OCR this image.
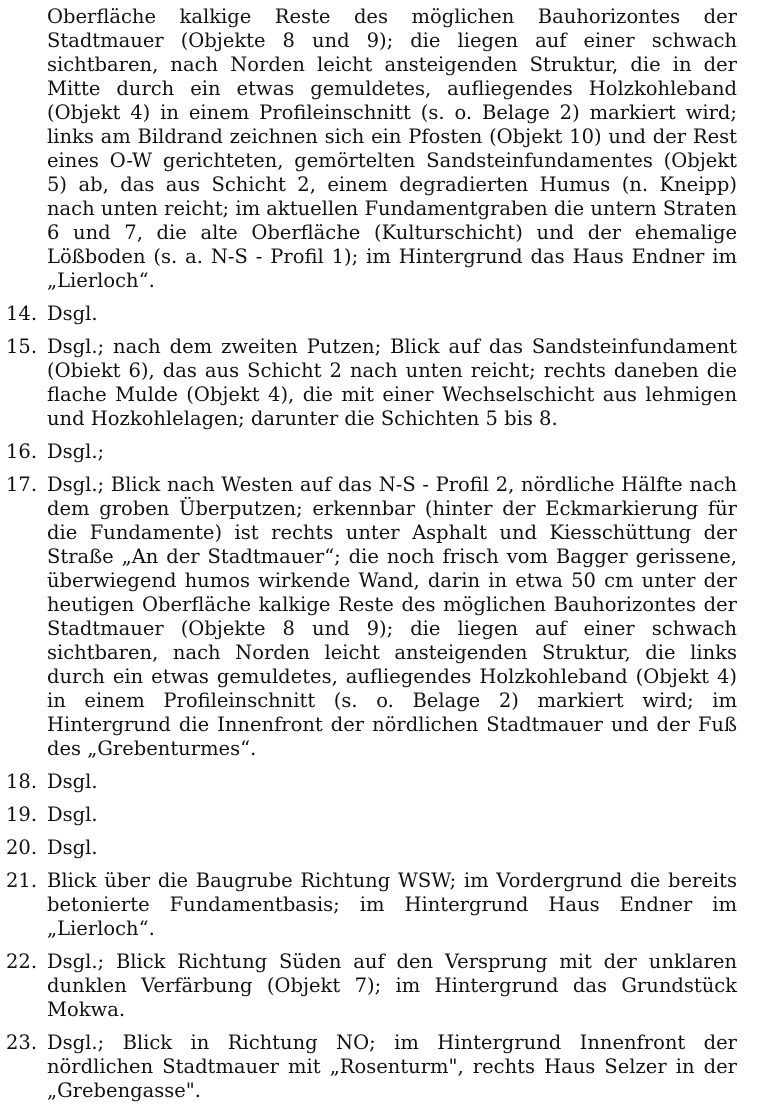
Oberfläche kalkige Reste des möglichen Bauhorizontes der Stadtmauer (Objekte 8 und 9); die liegen auf einer schwach sichtbaren, nach Norden leicht ansteigenden Struktur, die in der Mitte durch ein etwas gemuldetes, aufliegendes Holzkohleband (Objekt 4) in einem Profileinschnitt (s. o. Belage 2) markiert wird; links am Bildrand zeichnen sich ein Pfosten (Objekt 10) und der Rest eines O-W gerichteten, gemörtelten Sandsteinfundamentes (Objekt 5) ab, das aus Schicht 2, einem degradierten Humus (n. Kneipp) nach unten reicht; im aktuellen Fundamentgraben die untern Straten 6 und 7, die alte Oberfläche (Kulturschicht) und der ehemalige Lößboden (s. a. N-S - Profil 1); im Hintergrund das Haus Endner im „Lierloch“.
14. Dsgl.
15. Dsgl.; nach dem zweiten Putzen; Blick auf das Sandsteinfundament (Obiekt 6), das aus Schicht 2 nach unten reicht; rechts daneben die flache Mulde (Objekt 4), die mit einer Wechselschicht aus lehmigen und Hozkohlelagen; darunter die Schichten 5 bis 8.
16. Dsgl.;
17. Dsgl.; Blick nach Westen auf das N-S - Profil 2, nördliche Hälfte nach dem groben Überputzen; erkennbar (hinter der Eckmarkierung für die Fundamente) ist rechts unter Asphalt und Kiesschüttung der Straße „An der Stadtmauer“; die noch frisch vom Bagger gerissene, überwiegend humos wirkende Wand, darin in etwa 50 cm unter der heutigen Oberfläche kalkige Reste des möglichen Bauhorizontes der Stadtmauer (Objekte 8 und 9); die liegen auf einer schwach sichtbaren, nach Norden leicht ansteigenden Struktur, die links durch ein etwas gemuldetes, aufliegendes Holzkohleband (Objekt 4) in einem Profileinschnitt (s. o. Belage 2) markiert wird; im Hintergrund die Innenfront der nördlichen Stadtmauer und der Fuß des „Grebenturmes“.
18. Dsgl.
19. Dsgl.
20. Dsgl.
21. Blick über die Baugrube Richtung WSW; im Vordergrund die bereits betonierte Fundamentbasis; im Hintergrund Haus Endner im „Lierloch“.
22. Dsgl.; Blick Richtung Süden auf den Versprung mit der unklaren dunklen Verfärbung (Objekt 7); im Hintergrund das Grundstück Mokwa.
23. Dsgl.; Blick in Richtung NO; im Hintergrund Innenfront der nördlichen Stadtmauer mit „Rosenturm", rechts Haus Selzer in der „Grebengasse".
